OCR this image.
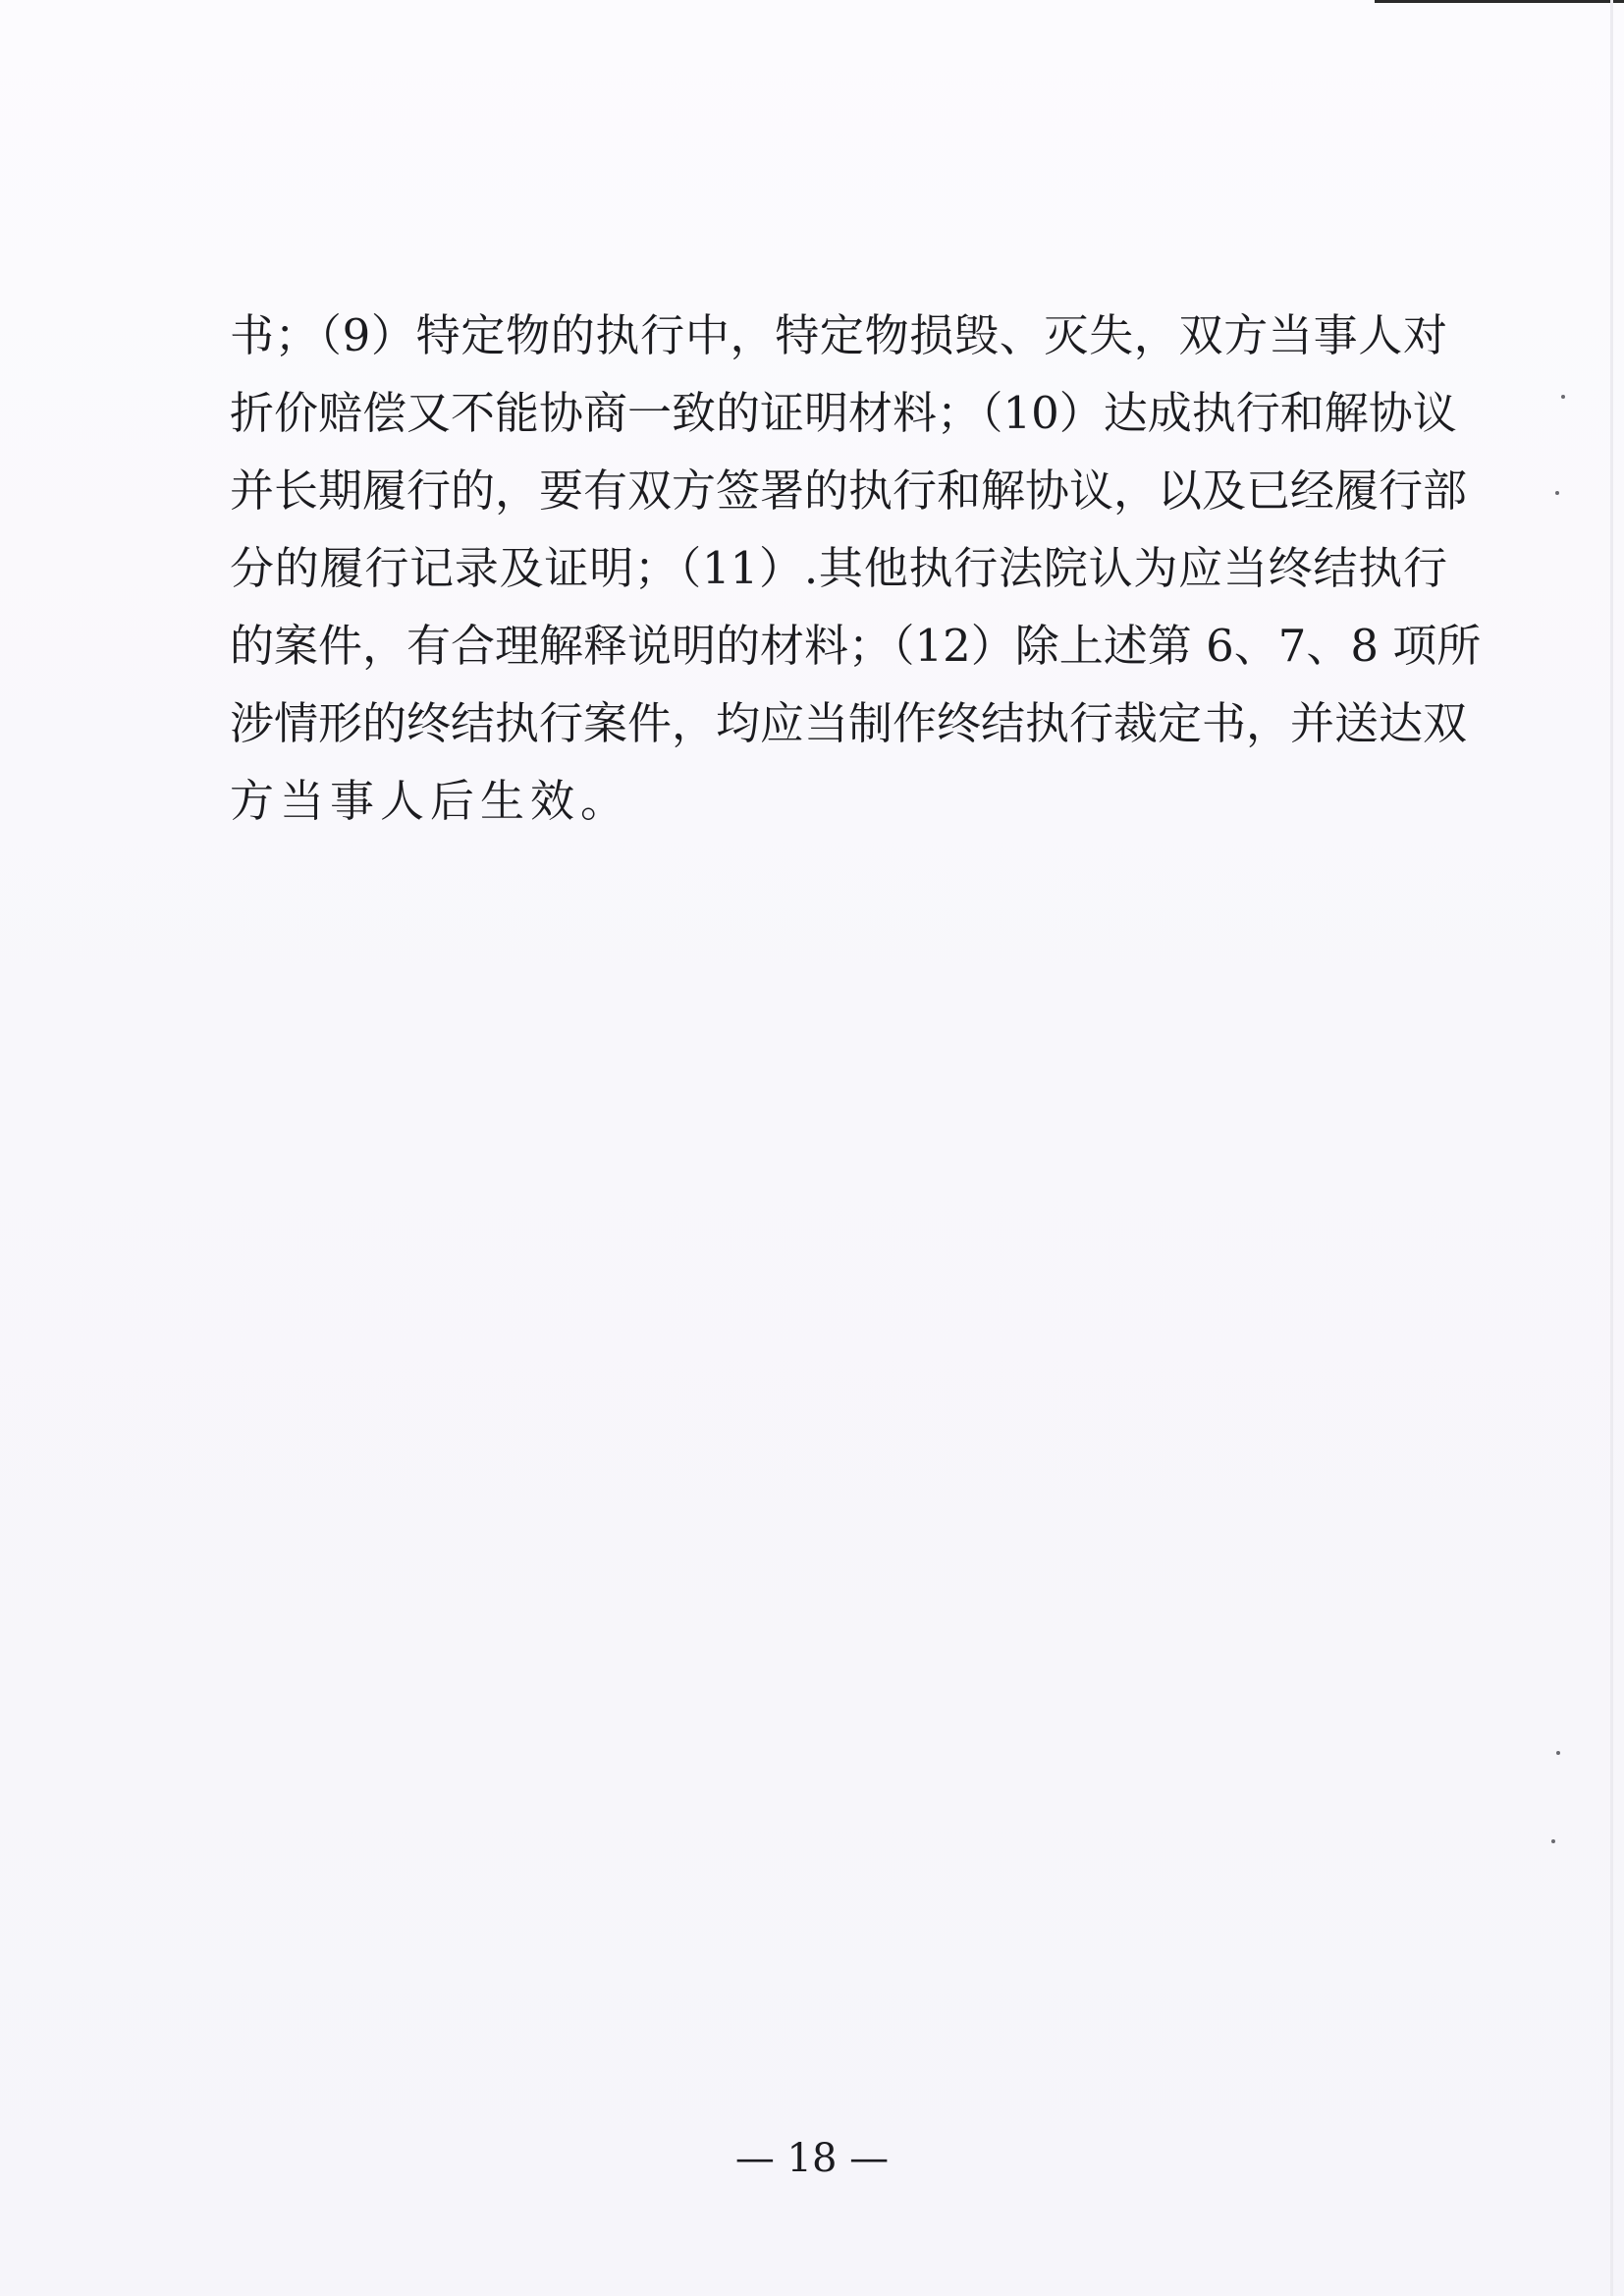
书；（9）特定物的执行中，特定物损毁、灭失，双方当事人对
折价赔偿又不能协商一致的证明材料；（10）达成执行和解协议
并长期履行的，要有双方签署的执行和解协议，以及已经履行部
分的履行记录及证明；（11）.其他执行法院认为应当终结执行
的案件，有合理解释说明的材料；（12）除上述第 6、7、8 项所
涉情形的终结执行案件，均应当制作终结执行裁定书，并送达双
方当事人后生效。
— 18 —
